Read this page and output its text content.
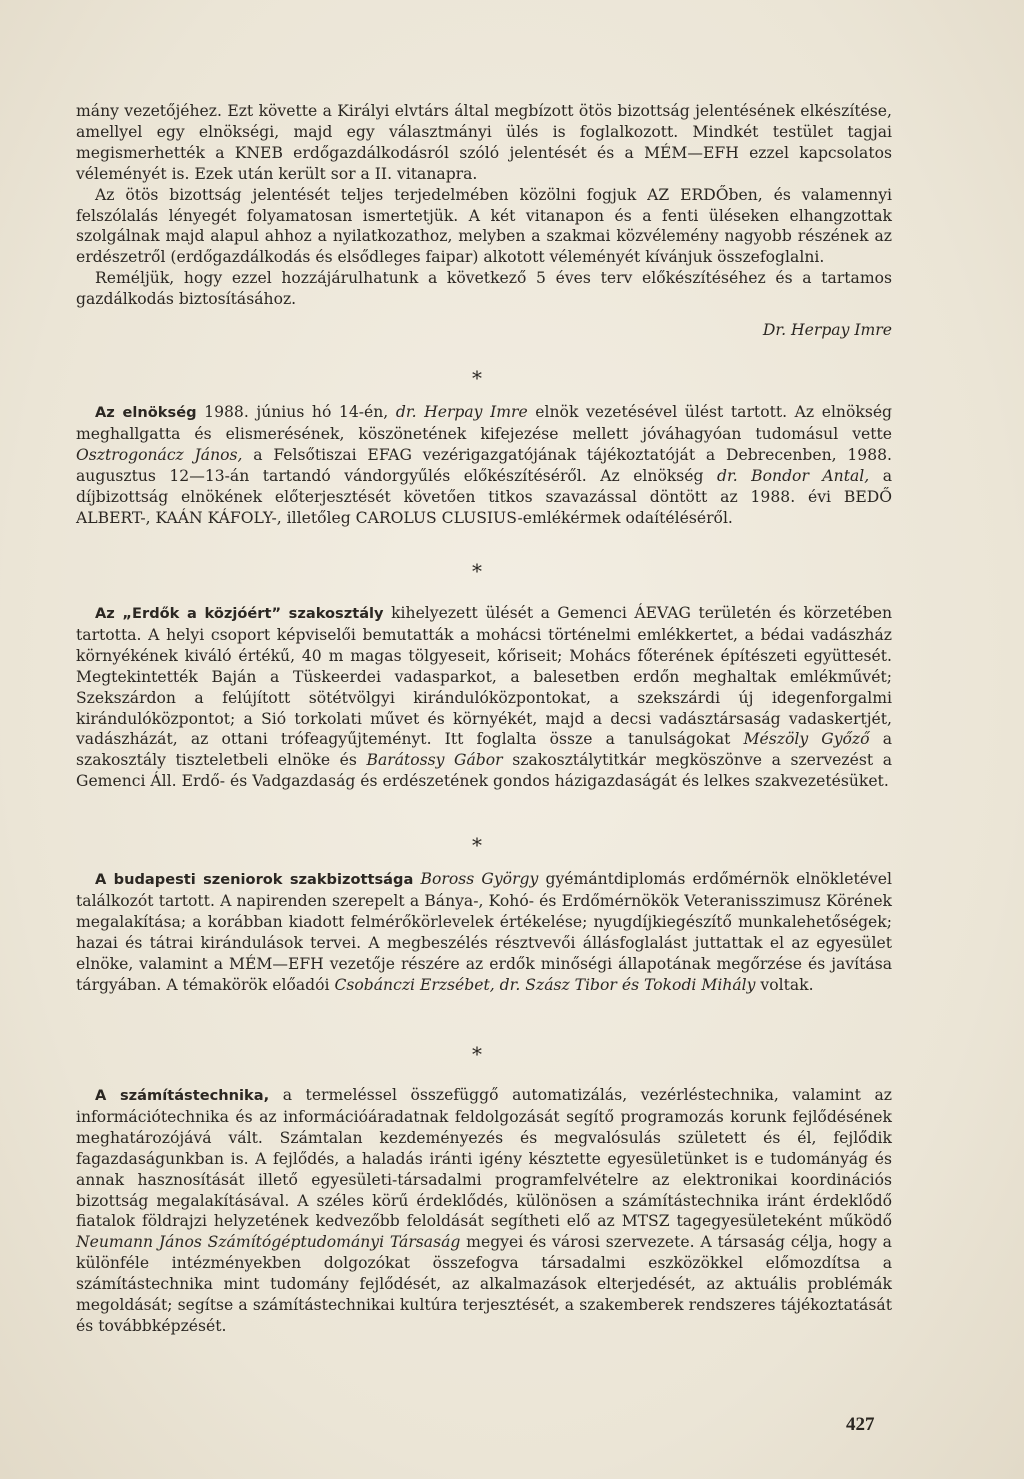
mány vezetőjéhez. Ezt követte a Királyi elvtárs által megbízott ötös bizottság jelentésének elkészítése, amellyel egy elnökségi, majd egy választmányi ülés is foglalkozott. Mindkét testület tagjai megismerhették a KNEB erdőgazdálkodásról szóló jelentését és a MÉM—EFH ezzel kapcsolatos véleményét is. Ezek után került sor a II. vitanapra.

Az ötös bizottság jelentését teljes terjedelmében közölni fogjuk AZ ERDŐben, és valamennyi felszólalás lényegét folyamatosan ismertetjük. A két vitanapon és a fenti üléseken elhangzottak szolgálnak majd alapul ahhoz a nyilatkozathoz, melyben a szakmai közvélemény nagyobb részének az erdészetről (erdőgazdálkodás és elsődleges faipar) alkotott véleményét kívánjuk összefoglalni.

Reméljük, hogy ezzel hozzájárulhatunk a következő 5 éves terv előkészítéséhez és a tartamos gazdálkodás biztosításához.

Dr. Herpay Imre

*

Az elnökség 1988. június hó 14-én, dr. Herpay Imre elnök vezetésével ülést tartott. Az elnökség meghallgatta és elismerésének, köszönetének kifejezése mellett jóváhagyóan tudomásul vette Osztrogonácz János, a Felsőtiszai EFAG vezérigazgatójának tájékoztatóját a Debrecenben, 1988. augusztus 12—13-án tartandó vándorgyűlés előkészítéséről. Az elnökség dr. Bondor Antal, a díjbizottság elnökének előterjesztését követően titkos szavazással döntött az 1988. évi BEDŐ ALBERT-, KAÁN KÁFOLY-, illetőleg CAROLUS CLUSIUS-emlékérmek odaítéléséről.

*

Az „Erdők a közjóért” szakosztály kihelyezett ülését a Gemenci ÁEVAG területén és körzetében tartotta. A helyi csoport képviselői bemutatták a mohácsi történelmi emlékkertet, a bédai vadászház környékének kiváló értékű, 40 m magas tölgyeseit, kőriseit; Mohács főterének építészeti együttesét. Megtekintették Baján a Tüskeerdei vadasparkot, a balesetben erdőn meghaltak emlékművét; Szekszárdon a felújított sötétvölgyi kirándulóközpontokat, a szekszárdi új idegenforgalmi kirándulóközpontot; a Sió torkolati művet és környékét, majd a decsi vadásztársaság vadaskertjét, vadászházát, az ottani trófeagyűjteményt. Itt foglalta össze a tanulságokat Mészöly Győző a szakosztály tiszteletbeli elnöke és Barátossy Gábor szakosztálytitkár megköszönve a szervezést a Gemenci Áll. Erdő- és Vadgazdaság és erdészetének gondos házigazdaságát és lelkes szakvezetésüket.

*

A budapesti szeniorok szakbizottsága Boross György gyémántdiplomás erdőmérnök elnökletével találkozót tartott. A napirenden szerepelt a Bánya-, Kohó- és Erdőmérnökök Veteranisszimusz Körének megalakítása; a korábban kiadott felmérőkörlevelek értékelése; nyugdíjkiegészítő munkalehetőségek; hazai és tátrai kirándulások tervei. A megbeszélés résztvevői állásfoglalást juttattak el az egyesület elnöke, valamint a MÉM—EFH vezetője részére az erdők minőségi állapotának megőrzése és javítása tárgyában. A témakörök előadói Csobánczi Erzsébet, dr. Szász Tibor és Tokodi Mihály voltak.

*

A számítástechnika, a termeléssel összefüggő automatizálás, vezérléstechnika, valamint az információtechnika és az információáradatnak feldolgozását segítő programozás korunk fejlődésének meghatározójává vált. Számtalan kezdeményezés és megvalósulás született és él, fejlődik fagazdaságunkban is. A fejlődés, a haladás iránti igény késztette egyesületünket is e tudományág és annak hasznosítását illető egyesületi-társadalmi programfelvételre az elektronikai koordinációs bizottság megalakításával. A széles körű érdeklődés, különösen a számítástechnika iránt érdeklődő fiatalok földrajzi helyzetének kedvezőbb feloldását segítheti elő az MTSZ tagegyesületeként működő Neumann János Számítógéptudományi Társaság megyei és városi szervezete. A társaság célja, hogy a különféle intézményekben dolgozókat összefogva társadalmi eszközökkel előmozdítsa a számítástechnika mint tudomány fejlődését, az alkalmazások elterjedését, az aktuális problémák megoldását; segítse a számítástechnikai kultúra terjesztését, a szakemberek rendszeres tájékoztatását és továbbképzését.

427
